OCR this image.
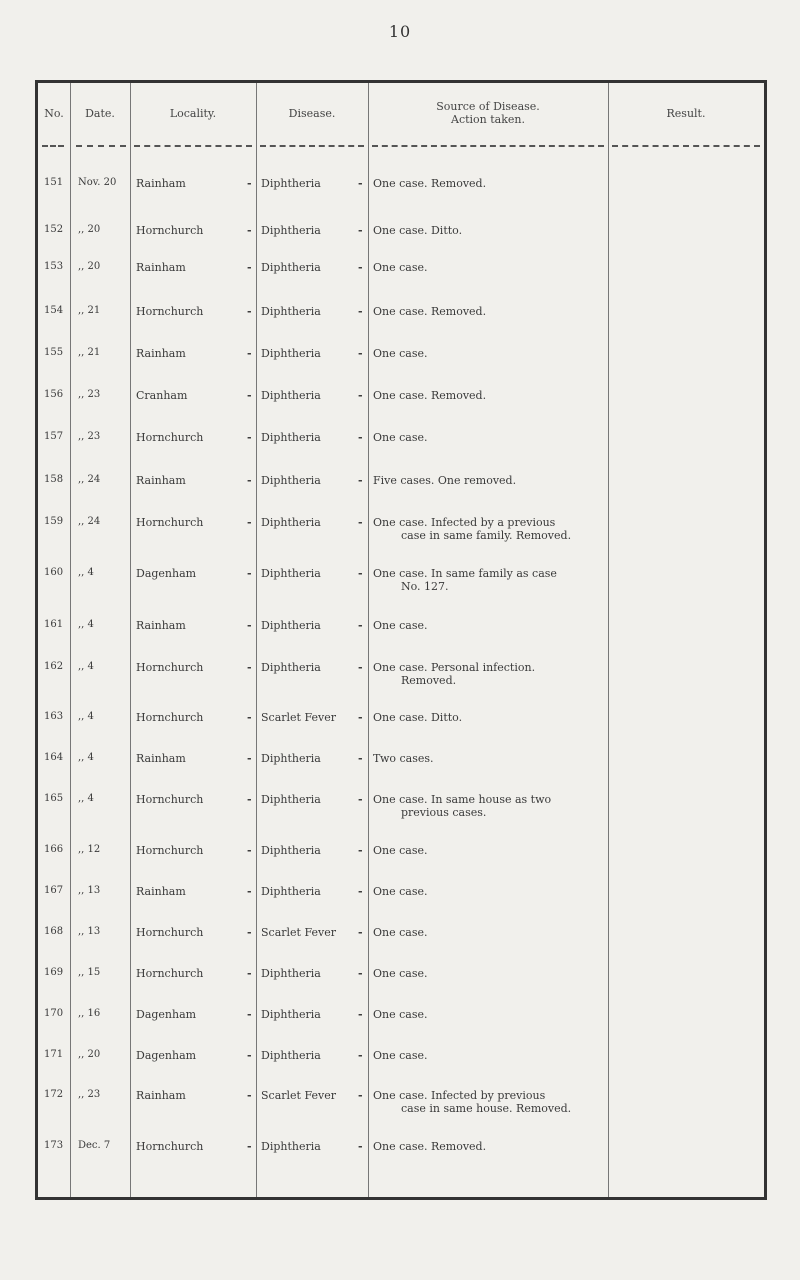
10
No.	Date.	Locality.	Disease.	Source of Disease.
Action taken.	Result.
151	Nov. 20	Rainham	- Diphtheria	- One case. Removed.
152	,, 20	Hornchurch	- Diphtheria	- One case. Ditto.
153	,, 20	Rainham	- Diphtheria	- One case.
154	,, 21	Hornchurch	- Diphtheria	- One case. Removed.
155	,, 21	Rainham	- Diphtheria	- One case.
156	,, 23	Cranham	- Diphtheria	- One case. Removed.
157	,, 23	Hornchurch	- Diphtheria	- One case.
158	,, 24	Rainham	- Diphtheria	- Five cases. One removed.
159	,, 24	Hornchurch	- Diphtheria	- One case. Infected by a previous
case in same family. Removed.
160	,, 4	Dagenham	- Diphtheria	- One case. In same family as case
No. 127.
161	,, 4	Rainham	- Diphtheria	- One case.
162	,, 4	Hornchurch	- Diphtheria	- One case. Personal infection.
Removed.
163	,, 4	Hornchurch	- Scarlet Fever	- One case. Ditto.
164	,, 4	Rainham	- Diphtheria	- Two cases.
165	,, 4	Hornchurch	- Diphtheria	- One case. In same house as two
previous cases.
166	,, 12	Hornchurch	- Diphtheria	- One case.
167	,, 13	Rainham	- Diphtheria	- One case.
168	,, 13	Hornchurch	- Scarlet Fever	- One case.
169	,, 15	Hornchurch	- Diphtheria	- One case.
170	,, 16	Dagenham	- Diphtheria	- One case.
171	,, 20	Dagenham	- Diphtheria	- One case.
172	,, 23	Rainham	- Scarlet Fever	- One case. Infected by previous
case in same house. Removed.
173	Dec. 7	Hornchurch	- Diphtheria	- One case. Removed.
